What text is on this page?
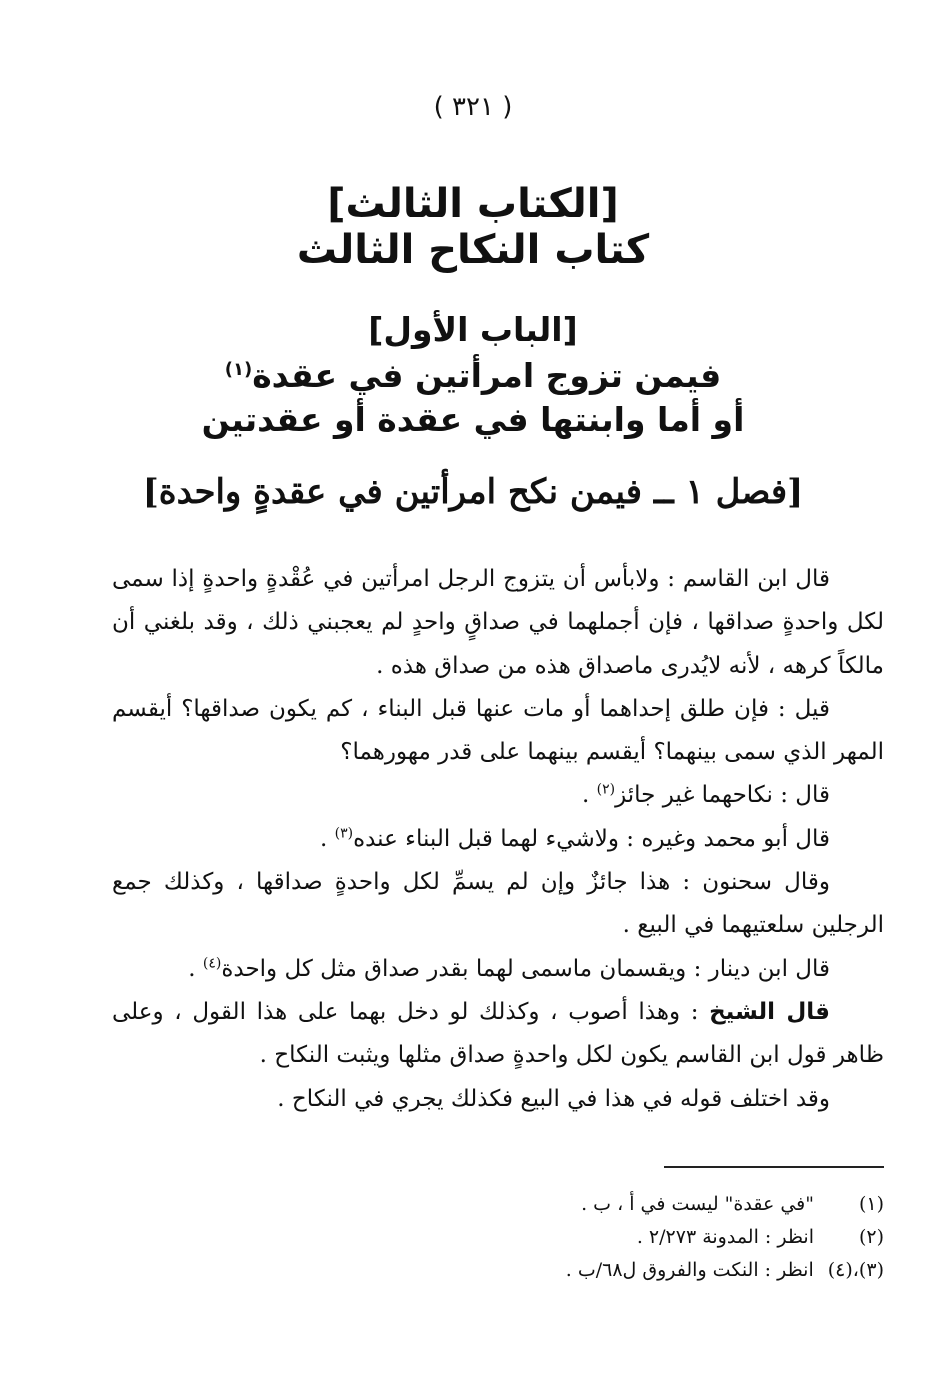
( ٣٢١ )
[الكتاب الثالث]
كتاب النكاح الثالث
[الباب الأول]
فيمن تزوج امرأتين في عقدة$^{(١)}$
أو أما وابنتها في عقدة أو عقدتين
[فصل ١ ــ فيمن نكح امرأتين في عقدةٍ واحدة]

قال ابن القاسم : ولابأس أن يتزوج الرجل امرأتين في عُقْدةٍ واحدةٍ إذا سمى لكل واحدةٍ صداقها ، فإن أجملهما في صداقٍ واحدٍ لم يعجبني ذلك ، وقد بلغني أن مالكاً كرهه ، لأنه لايُدرى ماصداق هذه من صداق هذه .

قيل : فإن طلق إحداهما أو مات عنها قبل البناء ، كم يكون صداقها؟ أيقسم المهر الذي سمى بينهما؟ أيقسم بينهما على قدر مهورهما؟

قال : نكاحهما غير جائز$^{(٢)}$ .

قال أبو محمد وغيره : ولاشيء لهما قبل البناء عنده$^{(٣)}$ .

وقال سحنون : هذا جائزٌ وإن لم يسمِّ لكل واحدةٍ صداقها ، وكذلك جمع الرجلين سلعتيهما في البيع .

قال ابن دينار : ويقسمان ماسمى لهما بقدر صداق مثل كل واحدة$^{(٤)}$ .

قال الشيخ : وهذا أصوب ، وكذلك لو دخل بهما على هذا القول ، وعلى ظاهر قول ابن القاسم يكون لكل واحدةٍ صداق مثلها ويثبت النكاح .

وقد اختلف قوله في هذا في البيع فكذلك يجري في النكاح .

(١)
"في عقدة" ليست في أ ، ب .
(٢)
انظر : المدونة ٢/٢٧٣ .
(٣)،(٤)
انظر : النكت والفروق ل٦٨/ب .
